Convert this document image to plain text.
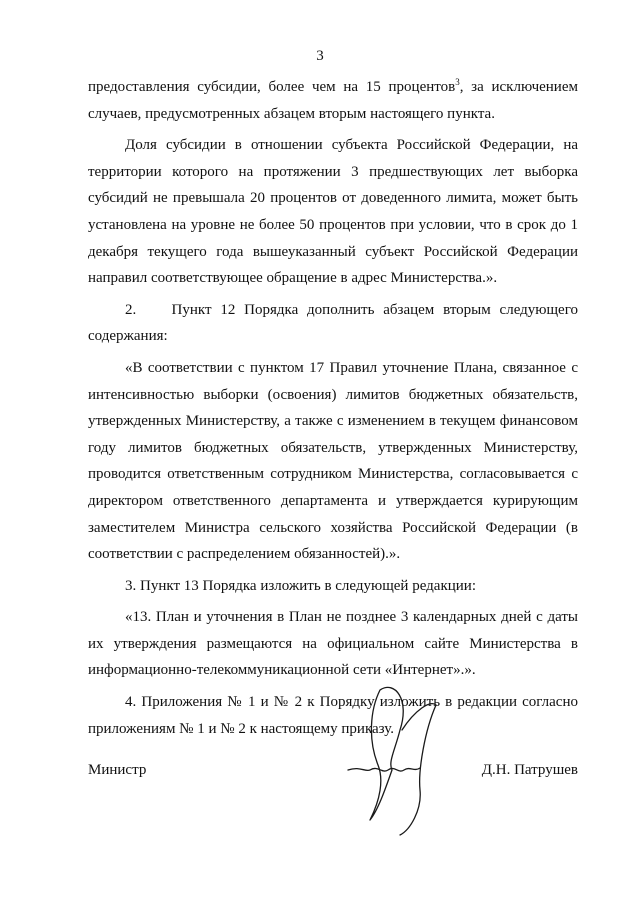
3

предоставления субсидии, более чем на 15 процентов$^3$, за исключением случаев, предусмотренных абзацем вторым настоящего пункта.

Доля субсидии в отношении субъекта Российской Федерации, на территории которого на протяжении 3 предшествующих лет выборка субсидий не превышала 20 процентов от доведенного лимита, может быть установлена на уровне не более 50 процентов при условии, что в срок до 1 декабря текущего года вышеуказанный субъект Российской Федерации направил соответствующее обращение в адрес Министерства.».

2.    Пункт 12 Порядка дополнить абзацем вторым следующего содержания:

«В соответствии с пунктом 17 Правил уточнение Плана, связанное с интенсивностью выборки (освоения) лимитов бюджетных обязательств, утвержденных Министерству, а также с изменением в текущем финансовом году лимитов бюджетных обязательств, утвержденных Министерству, проводится ответственным сотрудником Министерства, согласовывается с директором ответственного департамента и утверждается курирующим заместителем Министра сельского хозяйства Российской Федерации (в соответствии с распределением обязанностей).».

3. Пункт 13 Порядка изложить в следующей редакции:

«13. План и уточнения в План не позднее 3 календарных дней с даты их утверждения размещаются на официальном сайте Министерства в информационно-телекоммуникационной сети «Интернет».».

4. Приложения № 1 и № 2 к Порядку изложить в редакции согласно приложениям № 1 и № 2 к настоящему приказу.

Министр	Д.Н. Патрушев
